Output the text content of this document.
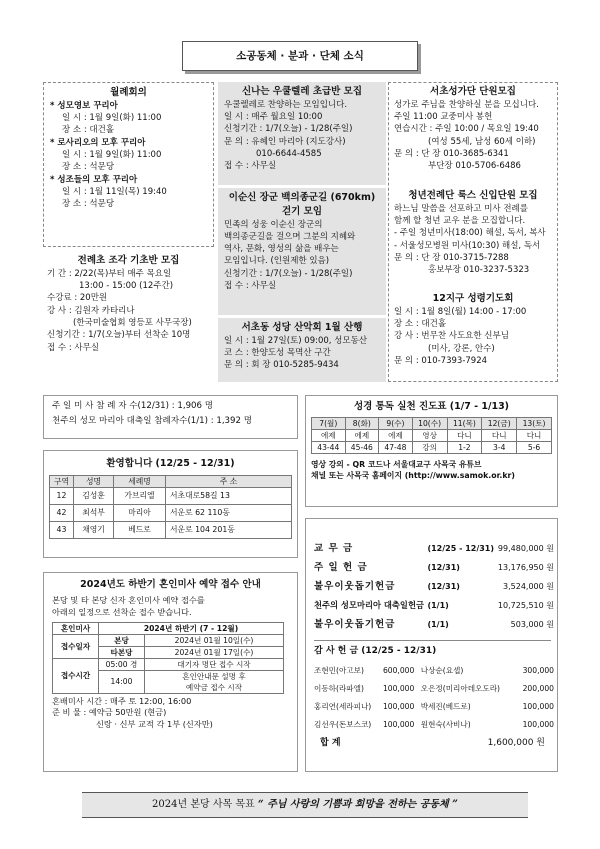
소공동체 · 분과 · 단체 소식
월례회의
* 성모영보 꾸리아
일 시 : 1월 9일(화) 11:00
장 소 : 대건홀
* 로사리오의 모후 꾸리아
일 시 : 1월 9일(화) 11:00
장 소 : 석문당
* 성조들의 모후 꾸리아
일 시 : 1월 11일(목) 19:40
장 소 : 석문당
전례초 조각 기초반 모집
기 간 : 2/22(목)부터 매주 목요일
13:00 - 15:00 (12주간)
수강료 : 20만원
강 사 : 김원자 카타리나
(한국미술협회 영등포 사무국장)
신청기간 : 1/7(오늘)부터 선착순 10명
접 수 : 사무실
신나는 우쿨렐레 초급반 모집
우쿨렐레로 찬양하는 모임입니다.
일 시 : 매주 월요일 10:00
신청기간 : 1/7(오늘) - 1/28(주일)
문 의 : 유혜인 마리아 (지도강사)
010-6644-4585
접 수 : 사무실
이순신 장군 백의종군길 (670km)
걷기 모임
민족의 성웅 이순신 장군의
백의종군길을 걸으며 그분의 지혜와
역사, 문화, 영성의 삶을 배우는
모임입니다. (인원제한 있음)
신청기간 : 1/7(오늘) - 1/28(주일)
접 수 : 사무실
서초동 성당 산악회 1월 산행
일 시 : 1월 27일(토) 09:00, 성모동산
코 스 : 한양도성 목멱산 구간
문 의 : 회 장 010-5285-9434
서초성가단 단원모집
성가로 주님을 찬양하실 분을 모십니다.
주일 11:00 교중미사 봉헌
연습시간 : 주일 10:00 / 목요일 19:40
(여성 55세, 남성 60세 이하)
문 의 : 단 장 010-3685-6341
부단장 010-5706-6486
청년전례단 룩스 신입단원 모집
하느님 말씀을 선포하고 미사 전례를
함께 할 청년 교우 분을 모집합니다.
- 주일 청년미사(18:00) 해설, 독서, 복사
- 서울성모병원 미사(10:30) 해설, 독서
문 의 : 단 장 010-3715-7288
홍보부장 010-3237-5323
12지구 성령기도회
일 시 : 1월 8일(월) 14:00 - 17:00
장 소 : 대건홀
강 사 : 번무찬 사도요한 신부님
(미사, 강론, 안수)
문 의 : 010-7393-7924
주 일 미 사 참 례 자 수(12/31) : 1,906 명
천주의 성모 마리아 대축일 참례자수(1/1) : 1,392 명
성경 통독 실천 진도표 (1/7 - 1/13)
7(월)	8(화)	9(수)	10(수)	11(목)	12(금)	13(토)
에제	에제	에제	영상	다니	다니	다니
43-44	45-46	47-48	강의	1-2	3-4	5-6
영상 강의 - QR 코드나 서울대교구 사목국 유튜브
채널 또는 사목국 홈페이지 (http://www.samok.or.kr)
환영합니다 (12/25 - 12/31)
구역	성명	세례명	주 소
12	김성훈	가브리엘	서초대로58길 13
42	최석부	마리아	서운로 62 110동
43	채영기	베드로	서운로 104 201동
2024년도 하반기 혼인미사 예약 접수 안내
본당 및 타 본당 신자 혼인미사 예약 접수를
아래의 일정으로 선착순 접수 받습니다.
혼인미사	2024년 하반기 (7 - 12월)	
접수일자	본당	2024년 01월 10일(수)
	타본당	2024년 01월 17일(수)
접수시간	05:00 경	대기자 명단 접수 시작
	14:00	혼인안내문 설명 후
예약금 접수 시작
혼배미사 시간 : 매주 토 12:00, 16:00
준 비 물 : 예약금 50만원 (현금)
신랑 · 신부 교적 각 1부 (신자만)
교 무 금	(12/25 - 12/31)	99,480,000 원
주 일 헌 금	(12/31)	13,176,950 원
불우이웃돕기헌금	(12/31)	3,524,000 원
천주의 성모마리아 대축일헌금	(1/1)	10,725,510 원
불우이웃돕기헌금	(1/1)	503,000 원
감 사 헌 금 (12/25 - 12/31)
조현민(아고보)	600,000	나상순(요셉)	300,000
이동하(라파엘)	100,000	오은정(미리아데오도라)	200,000
홍리연(세라피나)	100,000	박세진(베드로)	100,000
김선우(돈보스코)	100,000	원현숙(사비나)	100,000
합 계	1,600,000 원
2024년 본당 사목 목표 “ 주님 사랑의 기쁨과 희망을 전하는 공동체 ”
